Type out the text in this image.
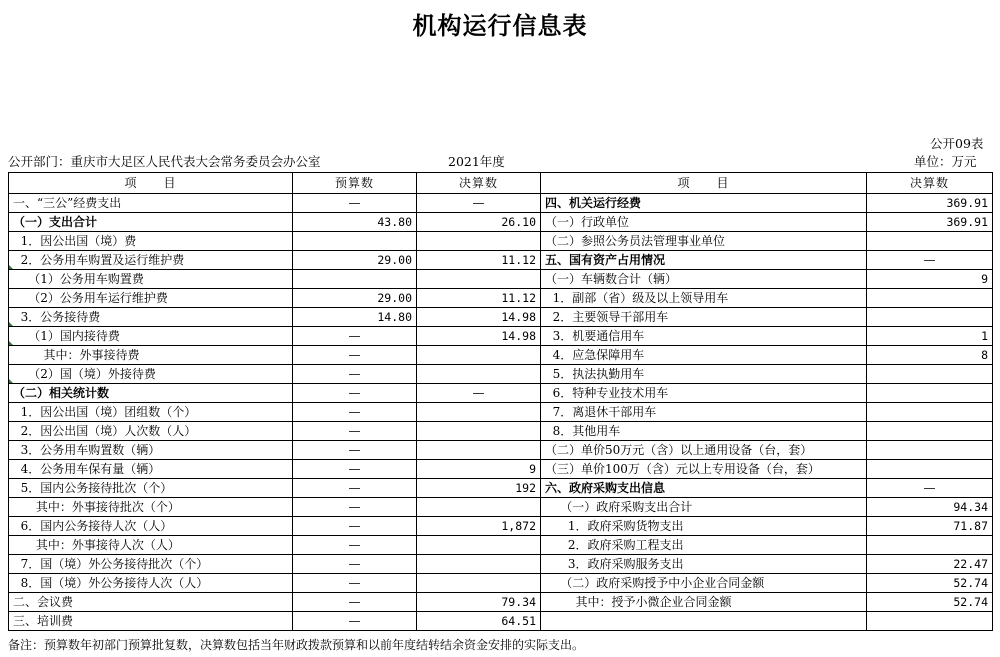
机构运行信息表
公开09表
公开部门：重庆市大足区人民代表大会常务委员会办公室	2021年度	单位：万元
项　　目	预算数	决算数	项　　目	决算数
一、“三公”经费支出	—	—	四、机关运行经费	369.91
（一）支出合计	43.80	26.10	（一）行政单位	369.91
1．因公出国（境）费			（二）参照公务员法管理事业单位	
2．公务用车购置及运行维护费	29.00	11.12	五、国有资产占用情况	—
（1）公务用车购置费			（一）车辆数合计（辆）	9
（2）公务用车运行维护费	29.00	11.12	1．副部（省）级及以上领导用车	
3．公务接待费	14.80	14.98	2．主要领导干部用车	
（1）国内接待费	—	14.98	3．机要通信用车	1
其中：外事接待费	—		4．应急保障用车	8
（2）国（境）外接待费	—		5．执法执勤用车	
（二）相关统计数	—	—	6．特种专业技术用车	
1．因公出国（境）团组数（个）	—		7．离退休干部用车	
2．因公出国（境）人次数（人）	—		8．其他用车	
3．公务用车购置数（辆）	—		（二）单价50万元（含）以上通用设备（台，套）	
4．公务用车保有量（辆）	—	9	（三）单价100万（含）元以上专用设备（台，套）	
5．国内公务接待批次（个）	—	192	六、政府采购支出信息	—
其中：外事接待批次（个）	—		（一）政府采购支出合计	94.34
6．国内公务接待人次（人）	—	1,872	1．政府采购货物支出	71.87
其中：外事接待人次（人）	—		2．政府采购工程支出	
7．国（境）外公务接待批次（个）	—		3．政府采购服务支出	22.47
8．国（境）外公务接待人次（人）	—		（二）政府采购授予中小企业合同金额	52.74
二、会议费	—	79.34	其中：授予小微企业合同金额	52.74
三、培训费	—	64.51		
备注：预算数年初部门预算批复数，决算数包括当年财政拨款预算和以前年度结转结余资金安排的实际支出。
